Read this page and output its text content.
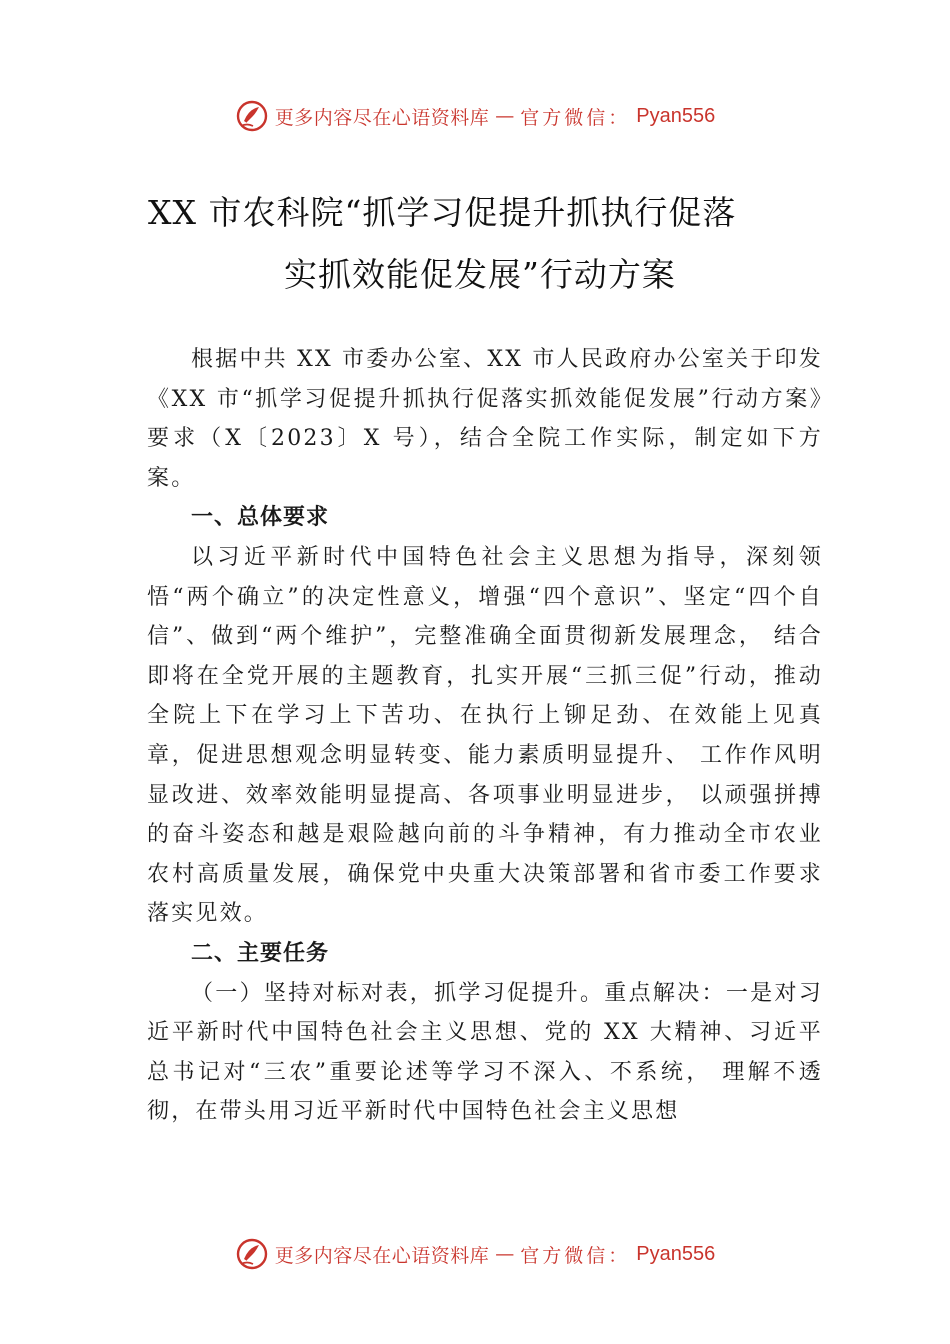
更多内容尽在心语资料库 — 官方微信： Pyan556
XX 市农科院“抓学习促提升抓执行促落
实抓效能促发展”行动方案

根据中共 XX 市委办公室、XX 市人民政府办公室关于印发《XX 市“抓学习促提升抓执行促落实抓效能促发展”行动方案》要求（X〔2023〕X 号），结合全院工作实际，制定如下方案。

一、总体要求

以习近平新时代中国特色社会主义思想为指导，深刻领悟“两个确立”的决定性意义，增强“四个意识”、坚定“四个自信”、做到“两个维护”，完整准确全面贯彻新发展理念， 结合即将在全党开展的主题教育，扎实开展“三抓三促”行动，推动全院上下在学习上下苦功、在执行上铆足劲、在效能上见真章，促进思想观念明显转变、能力素质明显提升、 工作作风明显改进、效率效能明显提高、各项事业明显进步， 以顽强拼搏的奋斗姿态和越是艰险越向前的斗争精神，有力推动全市农业农村高质量发展，确保党中央重大决策部署和省市委工作要求落实见效。

二、主要任务

（一）坚持对标对表，抓学习促提升。重点解决：一是对习近平新时代中国特色社会主义思想、党的 XX 大精神、习近平总书记对“三农”重要论述等学习不深入、不系统， 理解不透彻，在带头用习近平新时代中国特色社会主义思想

更多内容尽在心语资料库 — 官方微信： Pyan556
